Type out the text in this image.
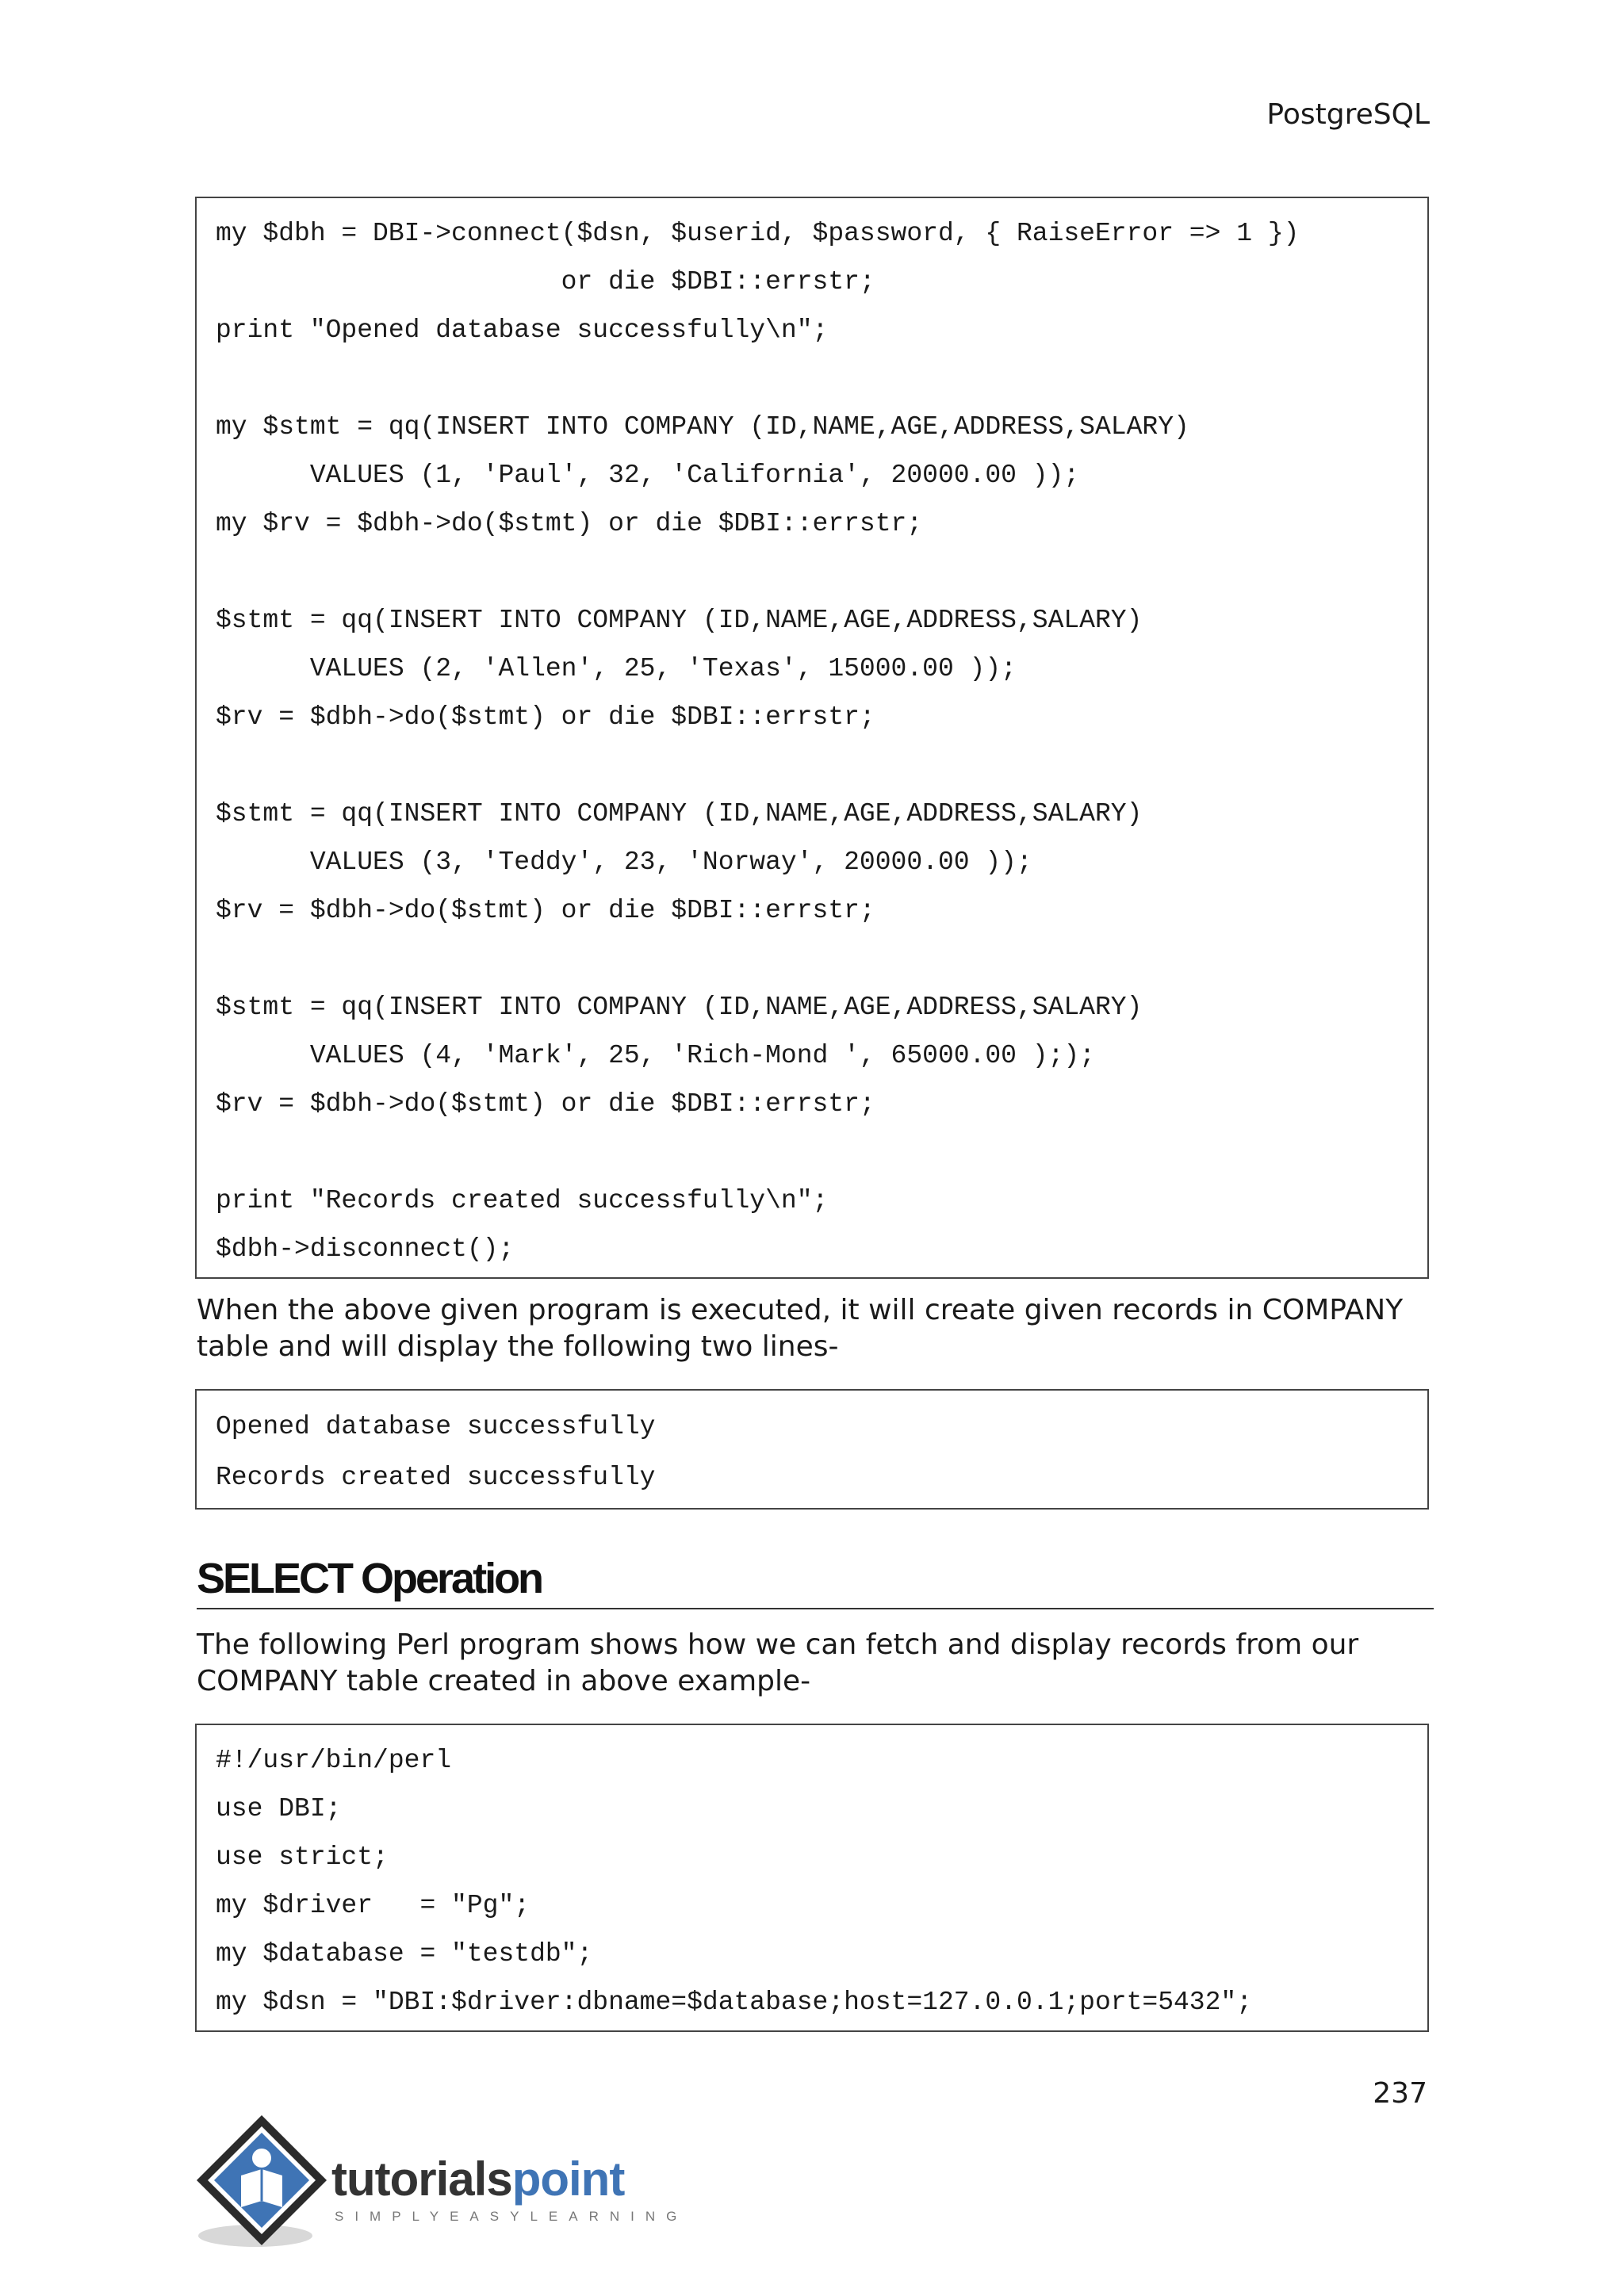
PostgreSQL
my $dbh = DBI->connect($dsn, $userid, $password, { RaiseError => 1 })
or die $DBI::errstr;
print "Opened database successfully\n";
my $stmt = qq(INSERT INTO COMPANY (ID,NAME,AGE,ADDRESS,SALARY)
VALUES (1, 'Paul', 32, 'California', 20000.00 ));
my $rv = $dbh->do($stmt) or die $DBI::errstr;
$stmt = qq(INSERT INTO COMPANY (ID,NAME,AGE,ADDRESS,SALARY)
VALUES (2, 'Allen', 25, 'Texas', 15000.00 ));
$rv = $dbh->do($stmt) or die $DBI::errstr;
$stmt = qq(INSERT INTO COMPANY (ID,NAME,AGE,ADDRESS,SALARY)
VALUES (3, 'Teddy', 23, 'Norway', 20000.00 ));
$rv = $dbh->do($stmt) or die $DBI::errstr;
$stmt = qq(INSERT INTO COMPANY (ID,NAME,AGE,ADDRESS,SALARY)
VALUES (4, 'Mark', 25, 'Rich-Mond ', 65000.00 ););
$rv = $dbh->do($stmt) or die $DBI::errstr;
print "Records created successfully\n";
$dbh->disconnect();
When the above given program is executed, it will create given records in COMPANY table and will display the following two lines-
Opened database successfully
Records created successfully
SELECT Operation
The following Perl program shows how we can fetch and display records from our COMPANY table created in above example-
#!/usr/bin/perl
use DBI;
use strict;
my $driver   = "Pg";
my $database = "testdb";
my $dsn = "DBI:$driver:dbname=$database;host=127.0.0.1;port=5432";
237
tutorialspoint
SIMPLYEASYLEARNING
